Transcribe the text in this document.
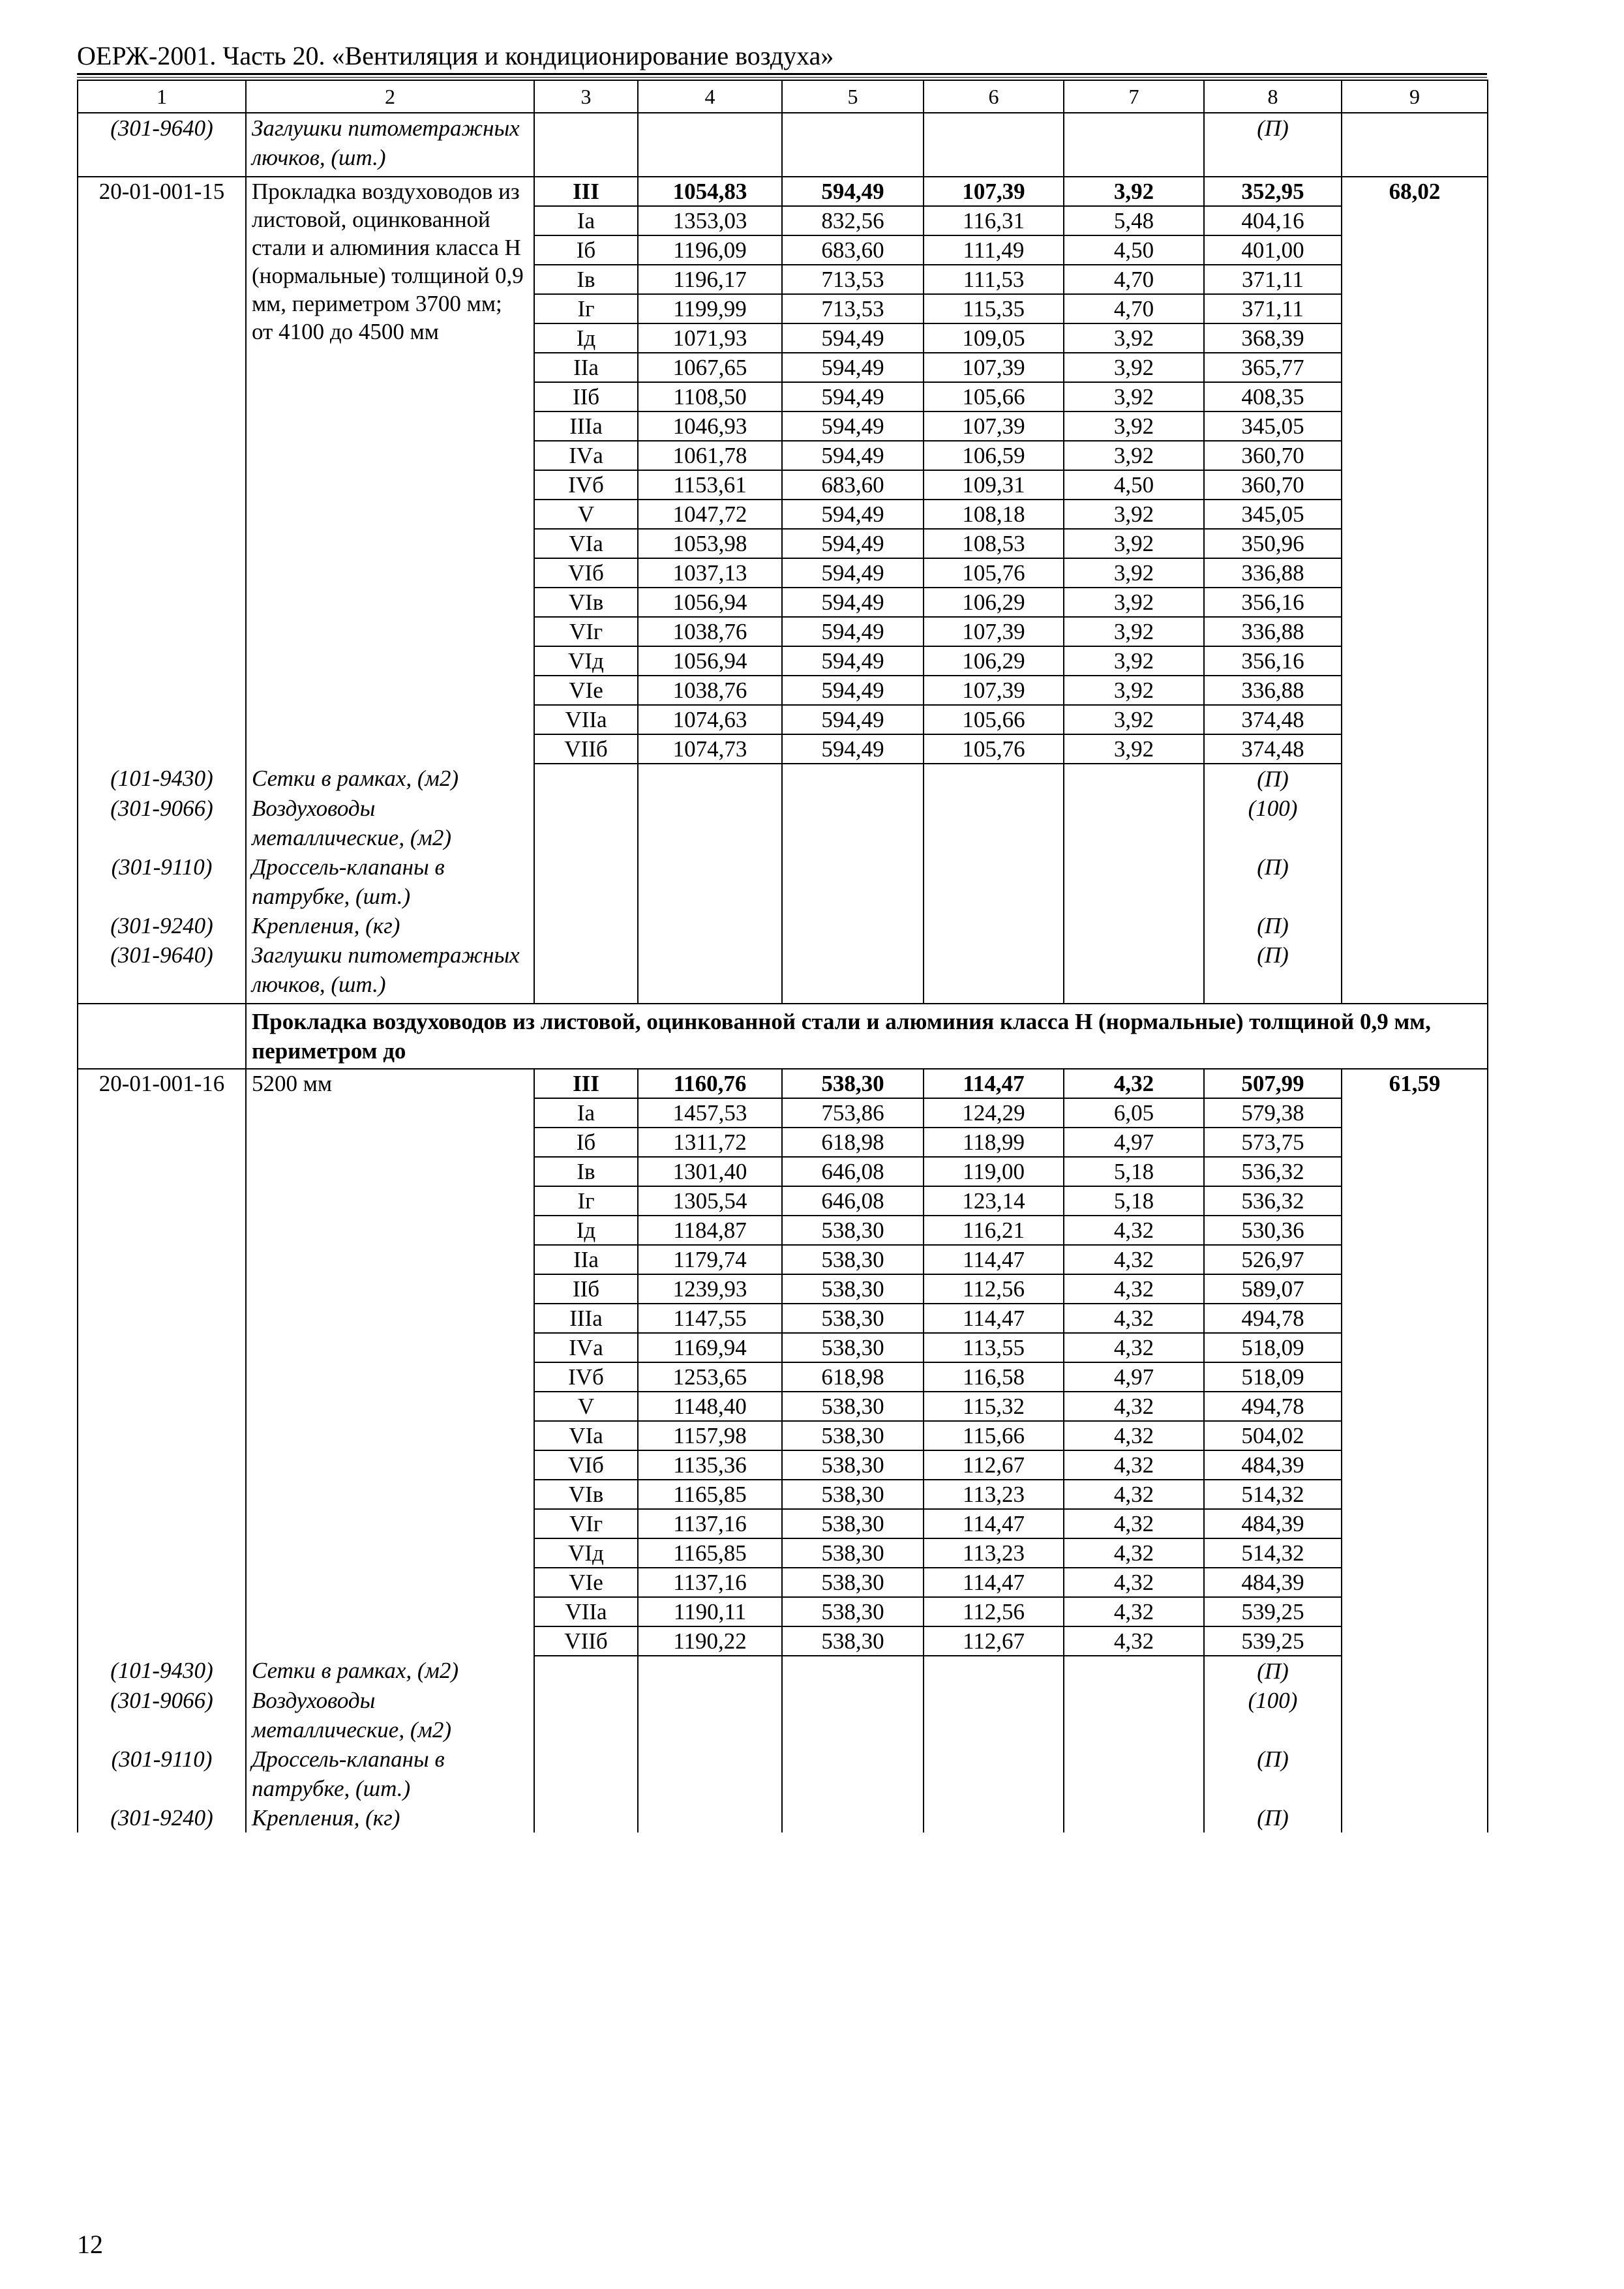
ОЕРЖ-2001. Часть 20. «Вентиляция и кондиционирование воздуха»
1	2	3	4	5	6	7	8	9
(301-9640)	Заглушки питометражных лючков, (шт.)						(П)	
20-01-001-15	Прокладка воздуховодов из листовой, оцинкованной стали и алюминия класса Н (нормальные) толщиной 0,9 мм, периметром 3700 мм; от 4100 до 4500 мм	III	1054,83	594,49	107,39	3,92	352,95	68,02
		Iа	1353,03	832,56	116,31	5,48	404,16	
		Iб	1196,09	683,60	111,49	4,50	401,00	
		Iв	1196,17	713,53	111,53	4,70	371,11	
		Iг	1199,99	713,53	115,35	4,70	371,11	
		Iд	1071,93	594,49	109,05	3,92	368,39	
		IIа	1067,65	594,49	107,39	3,92	365,77	
		IIб	1108,50	594,49	105,66	3,92	408,35	
		IIIа	1046,93	594,49	107,39	3,92	345,05	
		IVа	1061,78	594,49	106,59	3,92	360,70	
		IVб	1153,61	683,60	109,31	4,50	360,70	
		V	1047,72	594,49	108,18	3,92	345,05	
		VIа	1053,98	594,49	108,53	3,92	350,96	
		VIб	1037,13	594,49	105,76	3,92	336,88	
		VIв	1056,94	594,49	106,29	3,92	356,16	
		VIг	1038,76	594,49	107,39	3,92	336,88	
		VIд	1056,94	594,49	106,29	3,92	356,16	
		VIе	1038,76	594,49	107,39	3,92	336,88	
		VIIа	1074,63	594,49	105,66	3,92	374,48	
		VIIб	1074,73	594,49	105,76	3,92	374,48	
(101-9430)	Сетки в рамках, (м2)						(П)	
(301-9066)	Воздуховоды металлические, (м2)						(100)	
(301-9110)	Дроссель-клапаны в патрубке, (шт.)						(П)	
(301-9240)	Крепления, (кг)						(П)	
(301-9640)	Заглушки питометражных лючков, (шт.)						(П)	
	Прокладка воздуховодов из листовой, оцинкованной стали и алюминия класса Н (нормальные) толщиной 0,9 мм, периметром до							
20-01-001-16	5200 мм	III	1160,76	538,30	114,47	4,32	507,99	61,59
		Iа	1457,53	753,86	124,29	6,05	579,38	
		Iб	1311,72	618,98	118,99	4,97	573,75	
		Iв	1301,40	646,08	119,00	5,18	536,32	
		Iг	1305,54	646,08	123,14	5,18	536,32	
		Iд	1184,87	538,30	116,21	4,32	530,36	
		IIа	1179,74	538,30	114,47	4,32	526,97	
		IIб	1239,93	538,30	112,56	4,32	589,07	
		IIIа	1147,55	538,30	114,47	4,32	494,78	
		IVа	1169,94	538,30	113,55	4,32	518,09	
		IVб	1253,65	618,98	116,58	4,97	518,09	
		V	1148,40	538,30	115,32	4,32	494,78	
		VIа	1157,98	538,30	115,66	4,32	504,02	
		VIб	1135,36	538,30	112,67	4,32	484,39	
		VIв	1165,85	538,30	113,23	4,32	514,32	
		VIг	1137,16	538,30	114,47	4,32	484,39	
		VIд	1165,85	538,30	113,23	4,32	514,32	
		VIе	1137,16	538,30	114,47	4,32	484,39	
		VIIа	1190,11	538,30	112,56	4,32	539,25	
		VIIб	1190,22	538,30	112,67	4,32	539,25	
(101-9430)	Сетки в рамках, (м2)						(П)	
(301-9066)	Воздуховоды металлические, (м2)						(100)	
(301-9110)	Дроссель-клапаны в патрубке, (шт.)						(П)	
(301-9240)	Крепления, (кг)						(П)	
12
